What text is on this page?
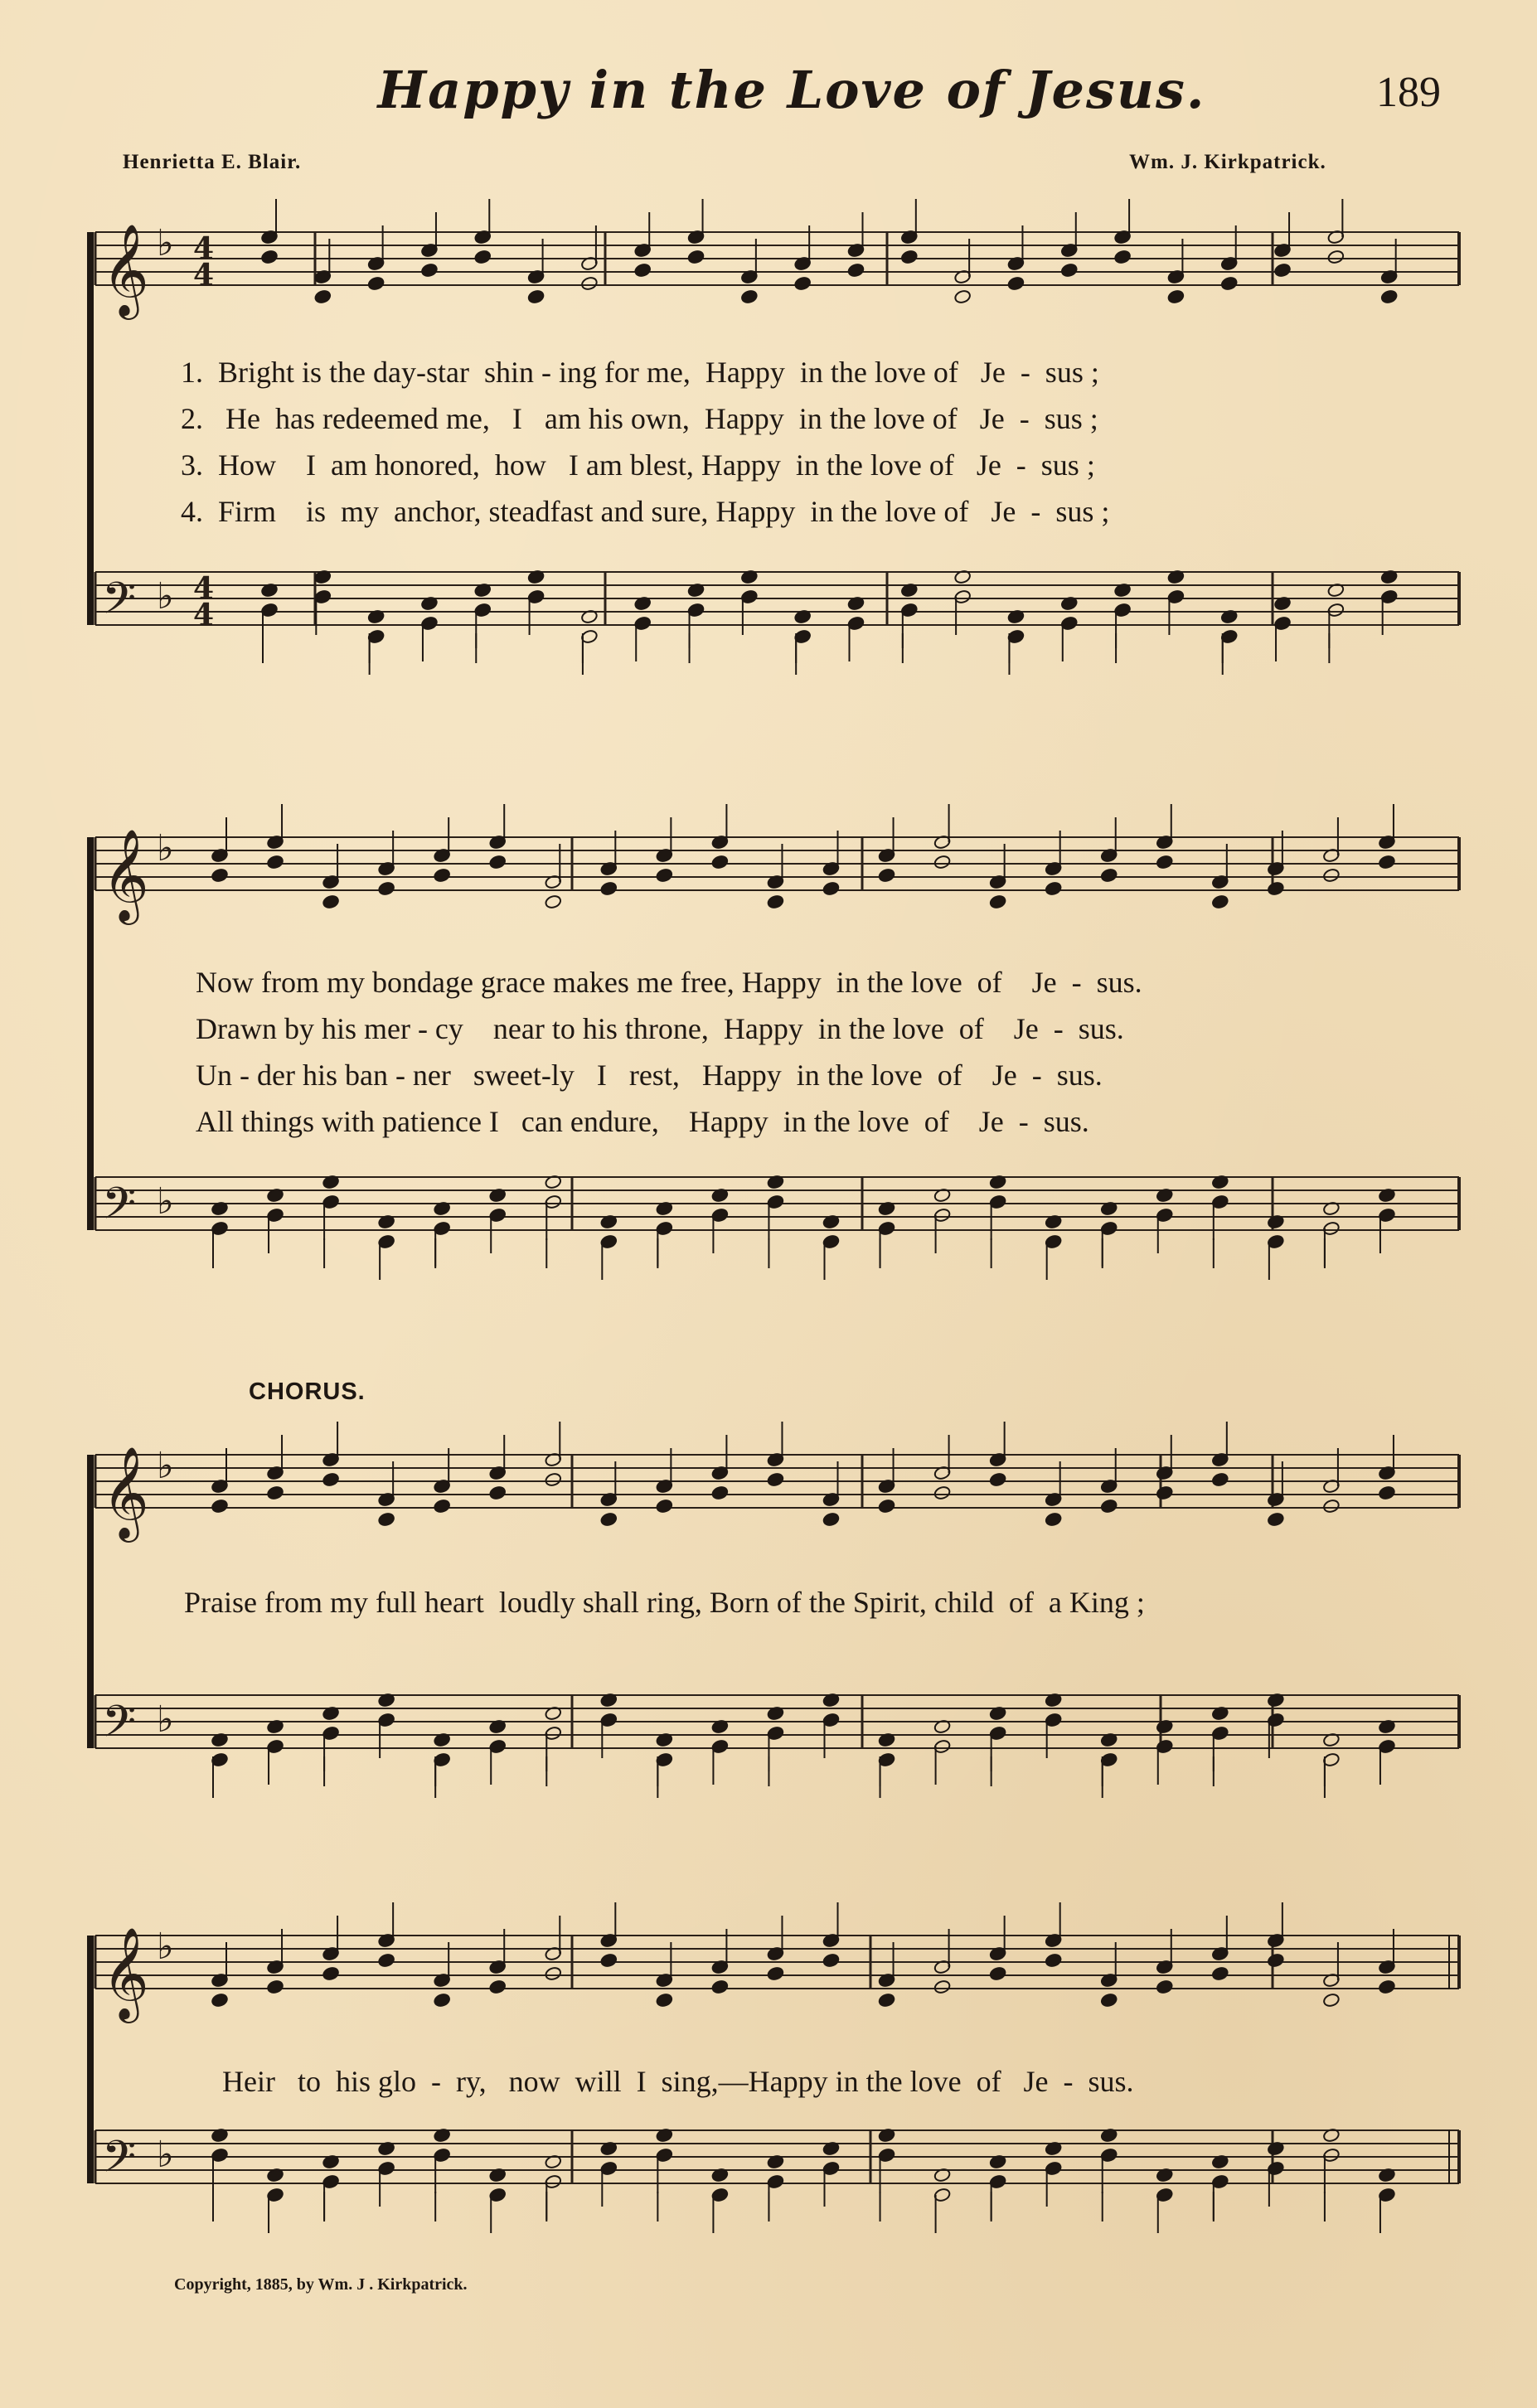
Happy in the Love of Jesus.	189
Henrietta E. Blair.	Wm. J. Kirkpatrick.
𝄞 ♭ 4
4
𝄢 ♭ 4
4
𝄞 ♭
𝄢 ♭
𝄞 ♭
𝄢 ♭
𝄞 ♭
𝄢 ♭
1.  Bright is the day-star  shin - ing for me,  Happy  in the love of   Je  -  sus ;
2.   He  has redeemed me,   I   am his own,  Happy  in the love of   Je  -  sus ;
3.  How    I  am honored,  how   I am blest, Happy  in the love of   Je  -  sus ;
4.  Firm    is  my  anchor, steadfast and sure, Happy  in the love of   Je  -  sus ;
Now from my bondage grace makes me free, Happy  in the love  of    Je  -  sus.
Drawn by his mer - cy    near to his throne,  Happy  in the love  of    Je  -  sus.
Un - der his ban - ner   sweet-ly   I   rest,   Happy  in the love  of    Je  -  sus.
All things with patience I   can endure,    Happy  in the love  of    Je  -  sus.
CHORUS.
Praise from my full heart  loudly shall ring, Born of the Spirit, child  of  a King ;
Heir   to  his glo  -  ry,   now  will  I  sing,—Happy in the love  of   Je  -  sus.
Copyright, 1885, by Wm. J . Kirkpatrick.
